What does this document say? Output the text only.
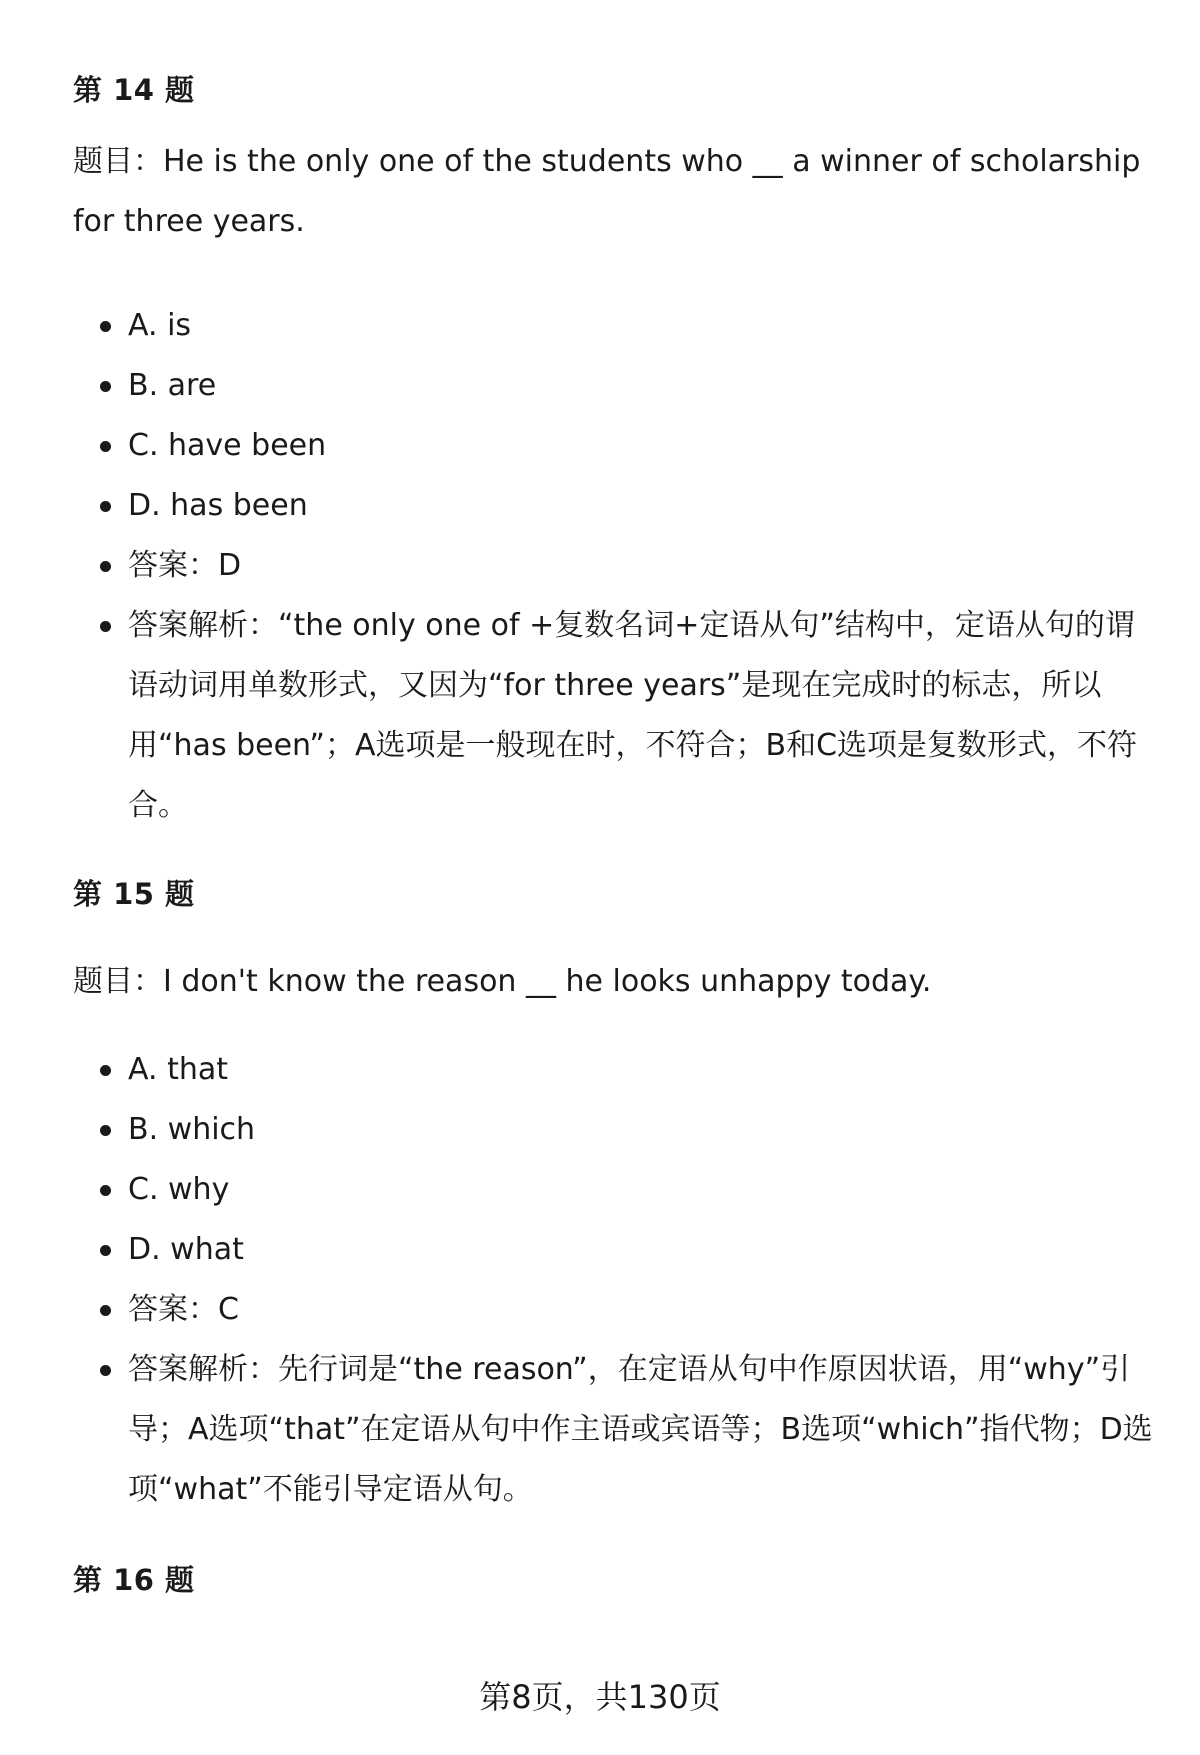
第 14 题
题目：He is the only one of the students who __ a winner of scholarship for three years.
A. is
B. are
C. have been
D. has been
答案：D
答案解析：“the only one of +复数名词+定语从句”结构中，定语从句的谓语动词用单数形式，又因为“for three years”是现在完成时的标志，所以用“has been”；A选项是一般现在时，不符合；B和C选项是复数形式，不符合。
第 15 题
题目：I don't know the reason __ he looks unhappy today.
A. that
B. which
C. why
D. what
答案：C
答案解析：先行词是“the reason”，在定语从句中作原因状语，用“why”引导；A选项“that”在定语从句中作主语或宾语等；B选项“which”指代物；D选项“what”不能引导定语从句。
第 16 题
第8页，共130页
